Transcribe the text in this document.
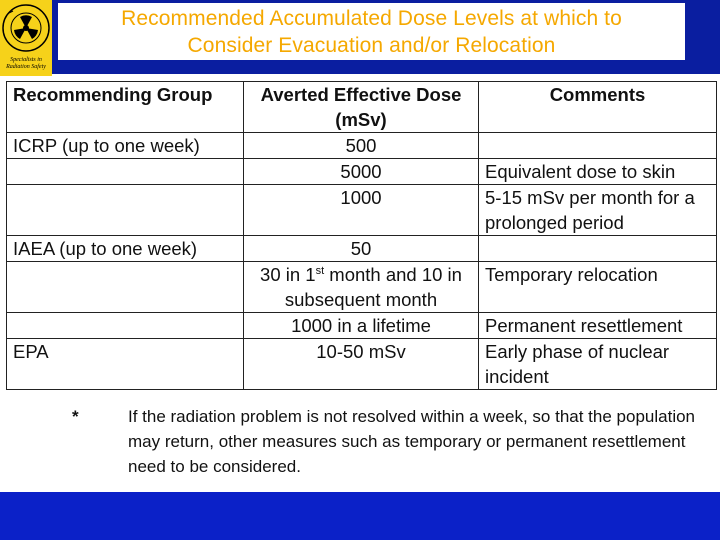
Specialists in
Radiation Safety
Recommended Accumulated Dose Levels at which to
Consider Evacuation and/or Relocation
Recommending Group	Averted Effective Dose (mSv)	Comments
ICRP (up to one week)	500	
	5000	Equivalent dose to skin
	1000	5-15 mSv per month for a prolonged period
IAEA (up to one week)	50	
	30 in 1st month and 10 in subsequent month	Temporary relocation
	1000 in a lifetime	Permanent resettlement
EPA	10-50 mSv	Early phase of nuclear incident
*	If the radiation problem is not resolved within a week, so that the population may return, other measures such as temporary or permanent resettlement need to be considered.
